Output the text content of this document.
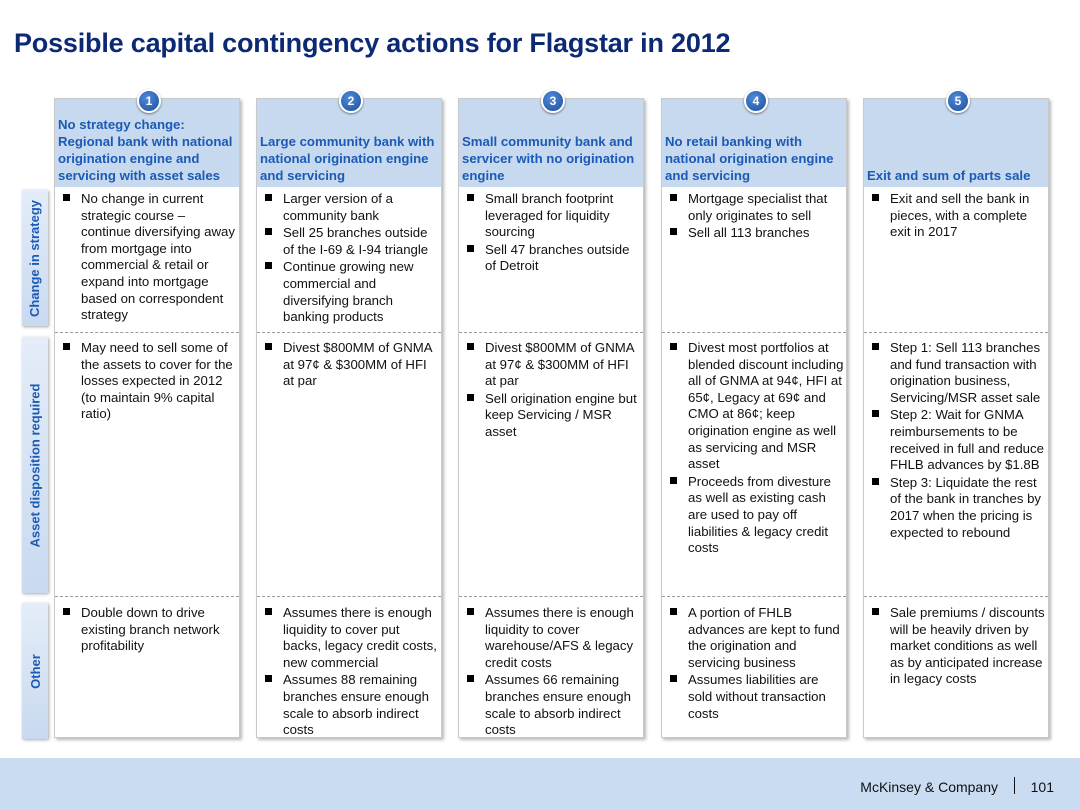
Possible capital contingency actions for Flagstar in 2012
Change in strategy
Asset disposition required
Other
1
No strategy change: Regional bank with national origination engine and servicing with asset sales
No change in current strategic course – continue diversifying away from mortgage into commercial & retail or expand into mortgage based on correspondent strategy
May need to sell some of the assets to cover for the losses expected in 2012 (to maintain 9% capital ratio)
Double down to drive existing branch network profitability
2
Large community bank with national origination engine and servicing
Larger version of a community bank
Sell 25 branches outside of the I-69 & I-94 triangle
Continue growing new commercial and diversifying branch banking products
Divest $800MM of GNMA at 97¢ & $300MM of HFI at par
Assumes there is enough liquidity to cover put backs, legacy credit costs, new commercial
Assumes 88 remaining branches ensure enough scale to absorb indirect costs
3
Small community bank and servicer with no origination engine
Small branch footprint leveraged for liquidity sourcing
Sell 47 branches outside of Detroit
Divest $800MM of GNMA at 97¢ & $300MM of HFI at par
Sell origination engine but keep Servicing / MSR asset
Assumes there is enough liquidity to cover warehouse/AFS & legacy credit costs
Assumes 66 remaining branches ensure enough scale to absorb indirect costs
4
No retail banking with national origination engine and servicing
Mortgage specialist that only originates to sell
Sell all 113 branches
Divest most portfolios at blended discount including all of GNMA at 94¢, HFI at 65¢, Legacy at 69¢ and CMO at 86¢; keep origination engine as well as servicing and MSR asset
Proceeds from divesture as well as existing cash are used to pay off liabilities & legacy credit costs
A portion of FHLB advances are kept to fund the origination and servicing business
Assumes liabilities are sold without transaction costs
5
Exit and sum of parts sale
Exit and sell the bank in pieces, with a complete exit in 2017
Step 1: Sell 113 branches and fund transaction with origination business, Servicing/MSR asset sale
Step 2: Wait for GNMA reimbursements to be received in full and reduce FHLB advances by $1.8B
Step 3: Liquidate the rest of the bank in tranches by 2017 when the pricing is expected to rebound
Sale premiums / discounts will be heavily driven by market conditions as well as by anticipated increase in legacy costs
McKinsey & Company 101
